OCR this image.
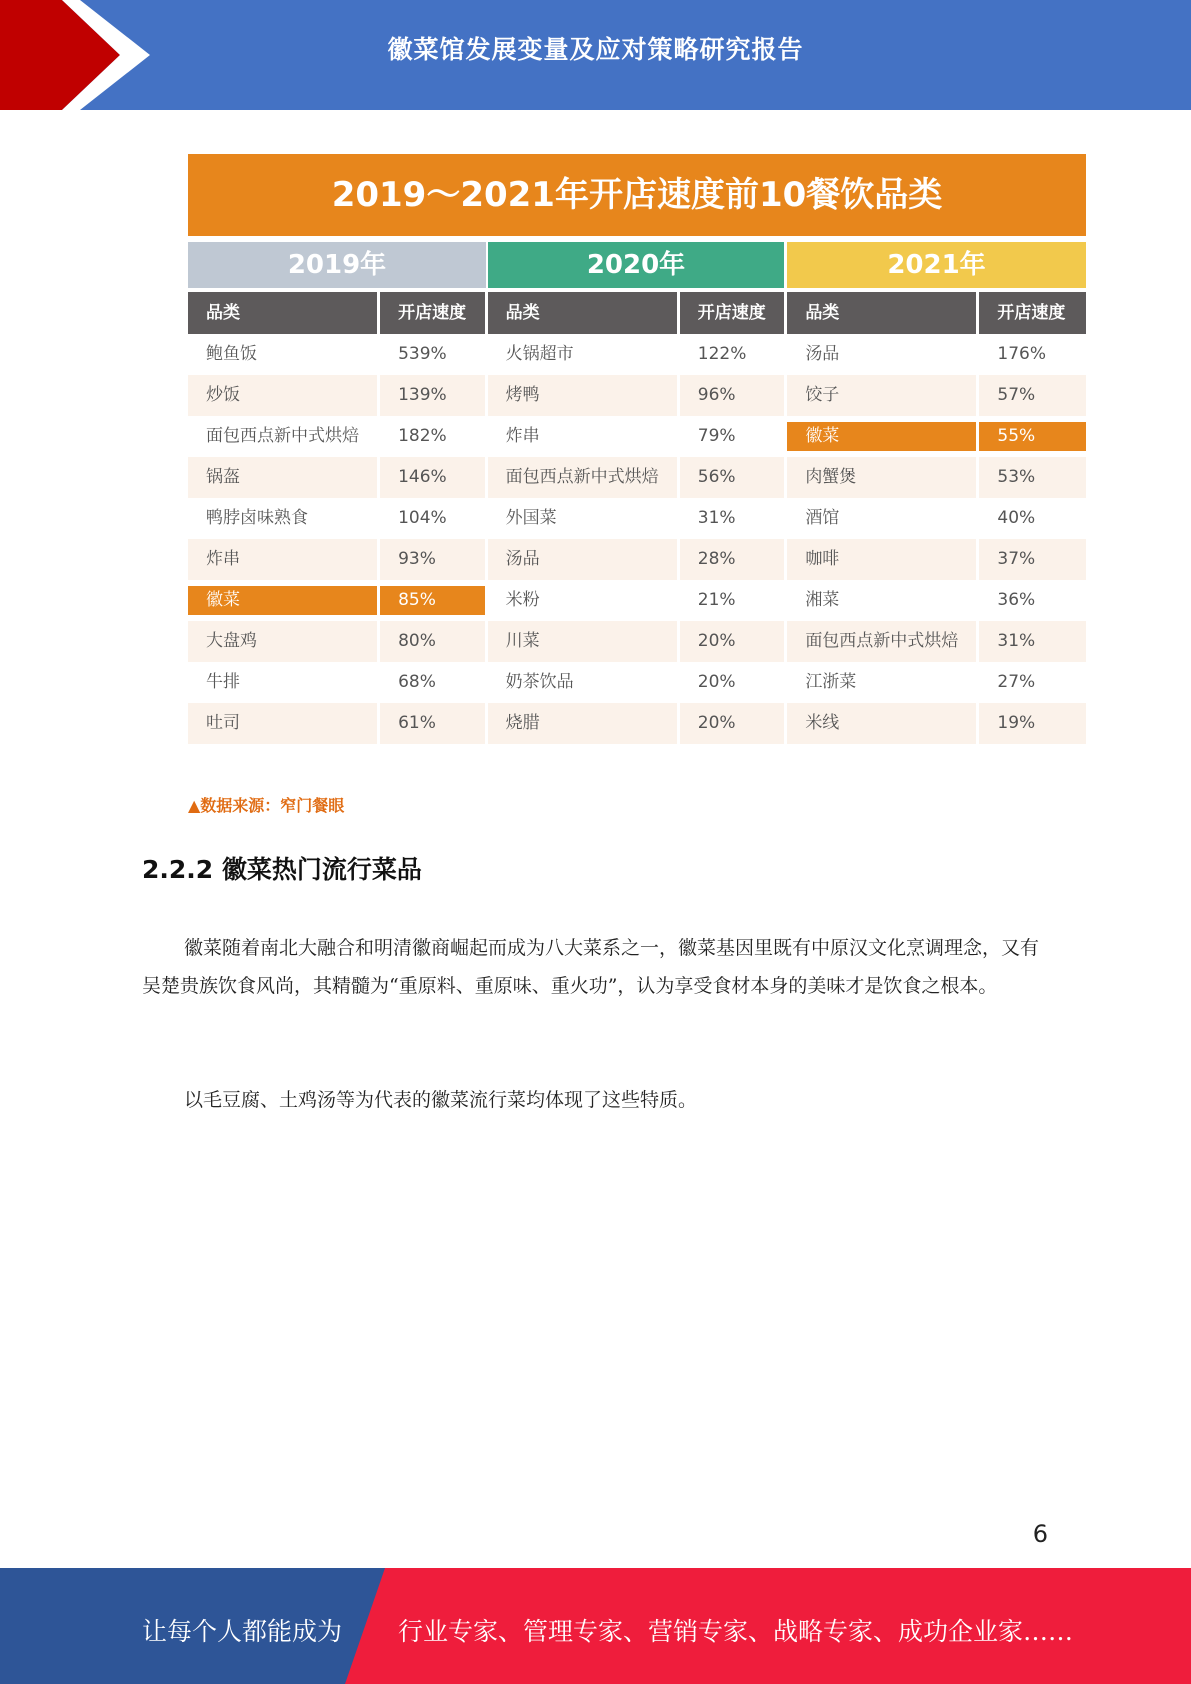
徽菜馆发展变量及应对策略研究报告
2019～2021年开店速度前10餐饮品类
2019年	2020年	2021年
品类	开店速度	品类	开店速度	品类	开店速度
鲍鱼饭	539%	火锅超市	122%	汤品	176%
炒饭	139%	烤鸭	96%	饺子	57%
面包西点新中式烘焙	182%	炸串	79%	徽菜	55%
锅盔	146%	面包西点新中式烘焙	56%	肉蟹煲	53%
鸭脖卤味熟食	104%	外国菜	31%	酒馆	40%
炸串	93%	汤品	28%	咖啡	37%
徽菜	85%	米粉	21%	湘菜	36%
大盘鸡	80%	川菜	20%	面包西点新中式烘焙	31%
牛排	68%	奶茶饮品	20%	江浙菜	27%
吐司	61%	烧腊	20%	米线	19%
▲数据来源：窄门餐眼
2.2.2 徽菜热门流行菜品
徽菜随着南北大融合和明清徽商崛起而成为八大菜系之一，徽菜基因里既有中原汉文化烹调理念，又有吴楚贵族饮食风尚，其精髓为“重原料、重原味、重火功”，认为享受食材本身的美味才是饮食之根本。
以毛豆腐、土鸡汤等为代表的徽菜流行菜均体现了这些特质。
6
让每个人都能成为 行业专家、管理专家、营销专家、战略专家、成功企业家……
